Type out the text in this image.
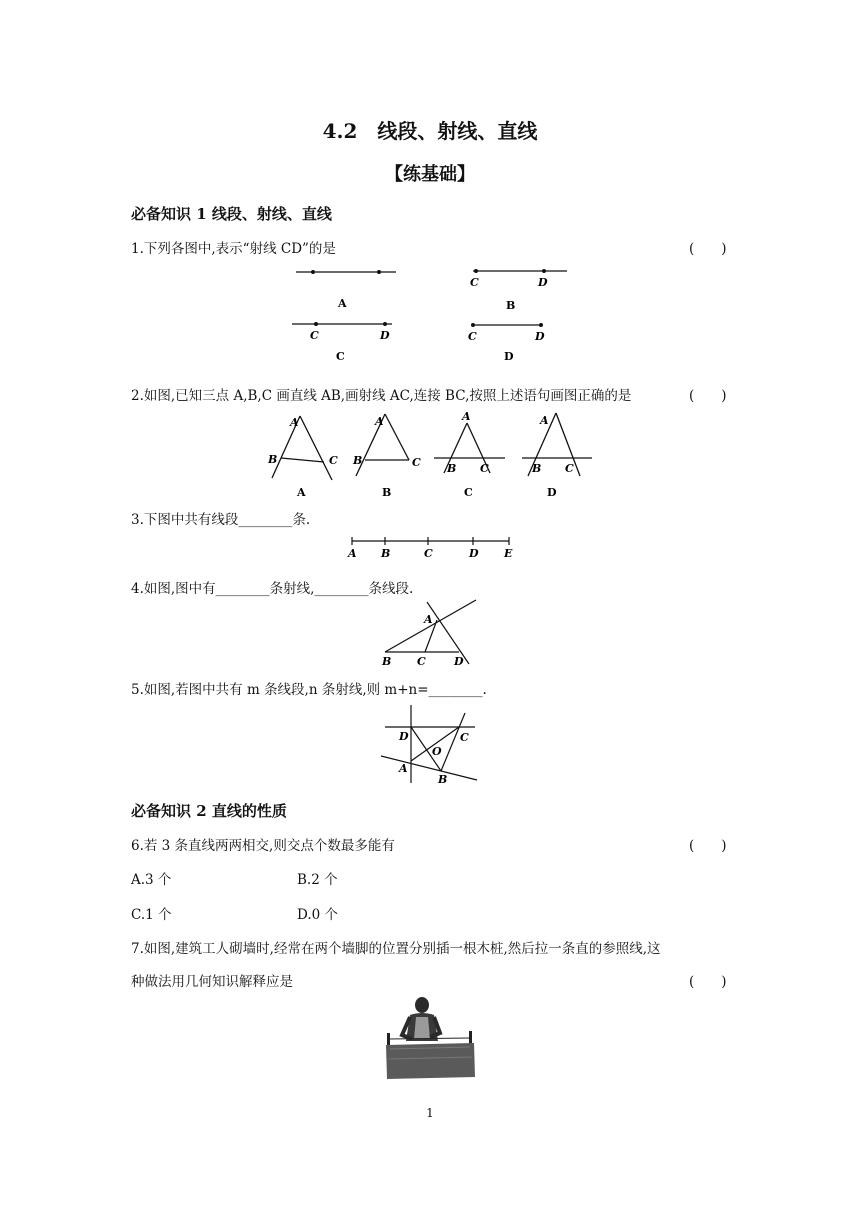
4.2　线段、射线、直线
【练基础】
必备知识 1 线段、射线、直线
1.下列各图中,表示“射线 CD”的是	(　　)
A
C	D
B
C	D
C
C	D
D
2.如图,已知三点 A,B,C 画直线 AB,画射线 AC,连接 BC,按照上述语句画图正确的是	(　　)
A
B	C
A
A
B	C
B
A
B C
C
A
B C
D
3.下图中共有线段________条.
A B	C	D E
4.如图,图中有________条射线,________条线段.
A
B C	D
5.如图,若图中共有 m 条线段,n 条射线,则 m+n=________.
D	C
O
A
B
必备知识 2 直线的性质
6.若 3 条直线两两相交,则交点个数最多能有	(　　)
A.3 个	B.2 个
C.1 个	D.0 个
7.如图,建筑工人砌墙时,经常在两个墙脚的位置分别插一根木桩,然后拉一条直的参照线,这
种做法用几何知识解释应是	(　　)
1
